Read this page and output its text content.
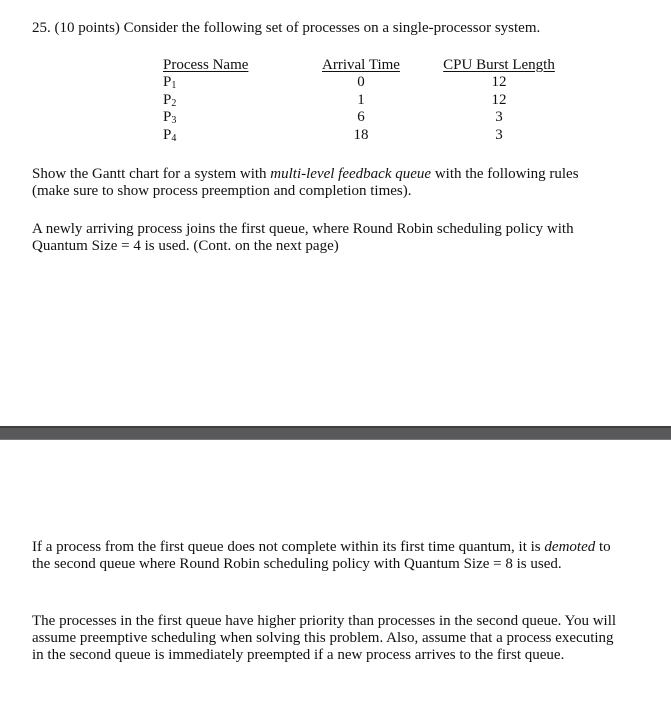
25. (10 points) Consider the following set of processes on a single-processor system.
Process Name
$P_1$
$P_2$
$P_3$
$P_4$
Arrival Time
0
1
6
18
CPU Burst Length
12
12
3
3

Show the Gantt chart for a system with multi-level feedback queue with the following rules (make sure to show process preemption and completion times).

A newly arriving process joins the first queue, where Round Robin scheduling policy with Quantum Size = 4 is used. (Cont. on the next page)

If a process from the first queue does not complete within its first time quantum, it is demoted to the second queue where Round Robin scheduling policy with Quantum Size = 8 is used.

The processes in the first queue have higher priority than processes in the second queue. You will assume preemptive scheduling when solving this problem. Also, assume that a process executing in the second queue is immediately preempted if a new process arrives to the first queue.
